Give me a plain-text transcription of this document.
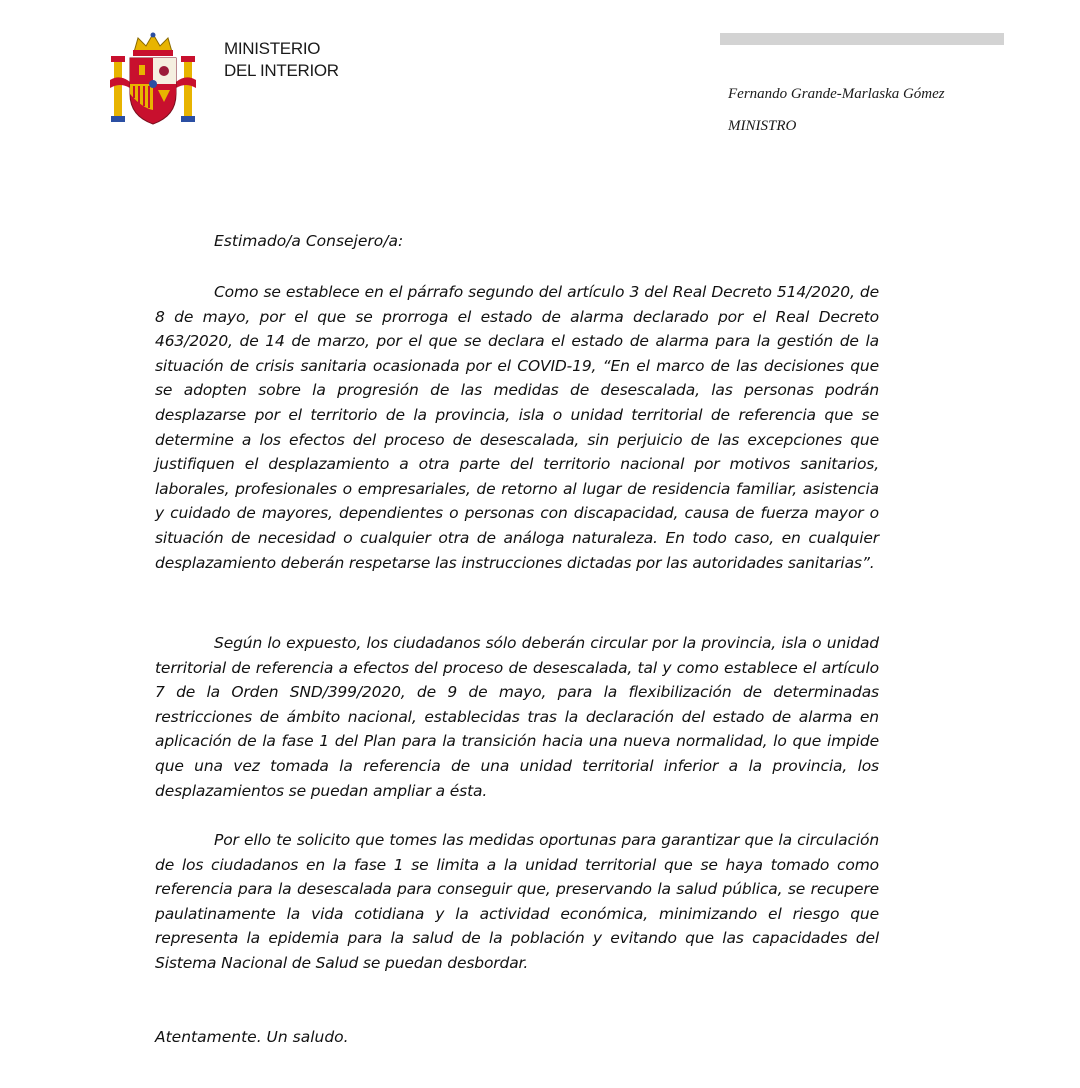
MINISTERIO
DEL INTERIOR
Fernando Grande-Marlaska Gómez
MINISTRO
Estimado/a Consejero/a:
Como se establece en el párrafo segundo del artículo 3 del Real Decreto 514/2020, de 8 de mayo, por el que se prorroga el estado de alarma declarado por el Real Decreto 463/2020, de 14 de marzo, por el que se declara el estado de alarma para la gestión de la situación de crisis sanitaria ocasionada por el COVID-19, “En el marco de las decisiones que se adopten sobre la progresión de las medidas de desescalada, las personas podrán desplazarse por el territorio de la provincia, isla o unidad territorial de referencia que se determine a los efectos del proceso de desescalada, sin perjuicio de las excepciones que justifiquen el desplazamiento a otra parte del territorio nacional por motivos sanitarios, laborales, profesionales o empresariales, de retorno al lugar de residencia familiar, asistencia y cuidado de mayores, dependientes o personas con discapacidad, causa de fuerza mayor o situación de necesidad o cualquier otra de análoga naturaleza. En todo caso, en cualquier desplazamiento deberán respetarse las instrucciones dictadas por las autoridades sanitarias”.
Según lo expuesto, los ciudadanos sólo deberán circular por la provincia, isla o unidad territorial de referencia a efectos del proceso de desescalada, tal y como establece el artículo 7 de la Orden SND/399/2020, de 9 de mayo, para la flexibilización de determinadas restricciones de ámbito nacional, establecidas tras la declaración del estado de alarma en aplicación de la fase 1 del Plan para la transición hacia una nueva normalidad, lo que impide que una vez tomada la referencia de una unidad territorial inferior a la provincia, los desplazamientos se puedan ampliar a ésta.
Por ello te solicito que tomes las medidas oportunas para garantizar que la circulación de los ciudadanos en la fase 1 se limita a la unidad territorial que se haya tomado como referencia para la desescalada para conseguir que, preservando la salud pública, se recupere paulatinamente la vida cotidiana y la actividad económica, minimizando el riesgo que representa la epidemia para la salud de la población y evitando que las capacidades del Sistema Nacional de Salud se puedan desbordar.
Atentamente. Un saludo.
